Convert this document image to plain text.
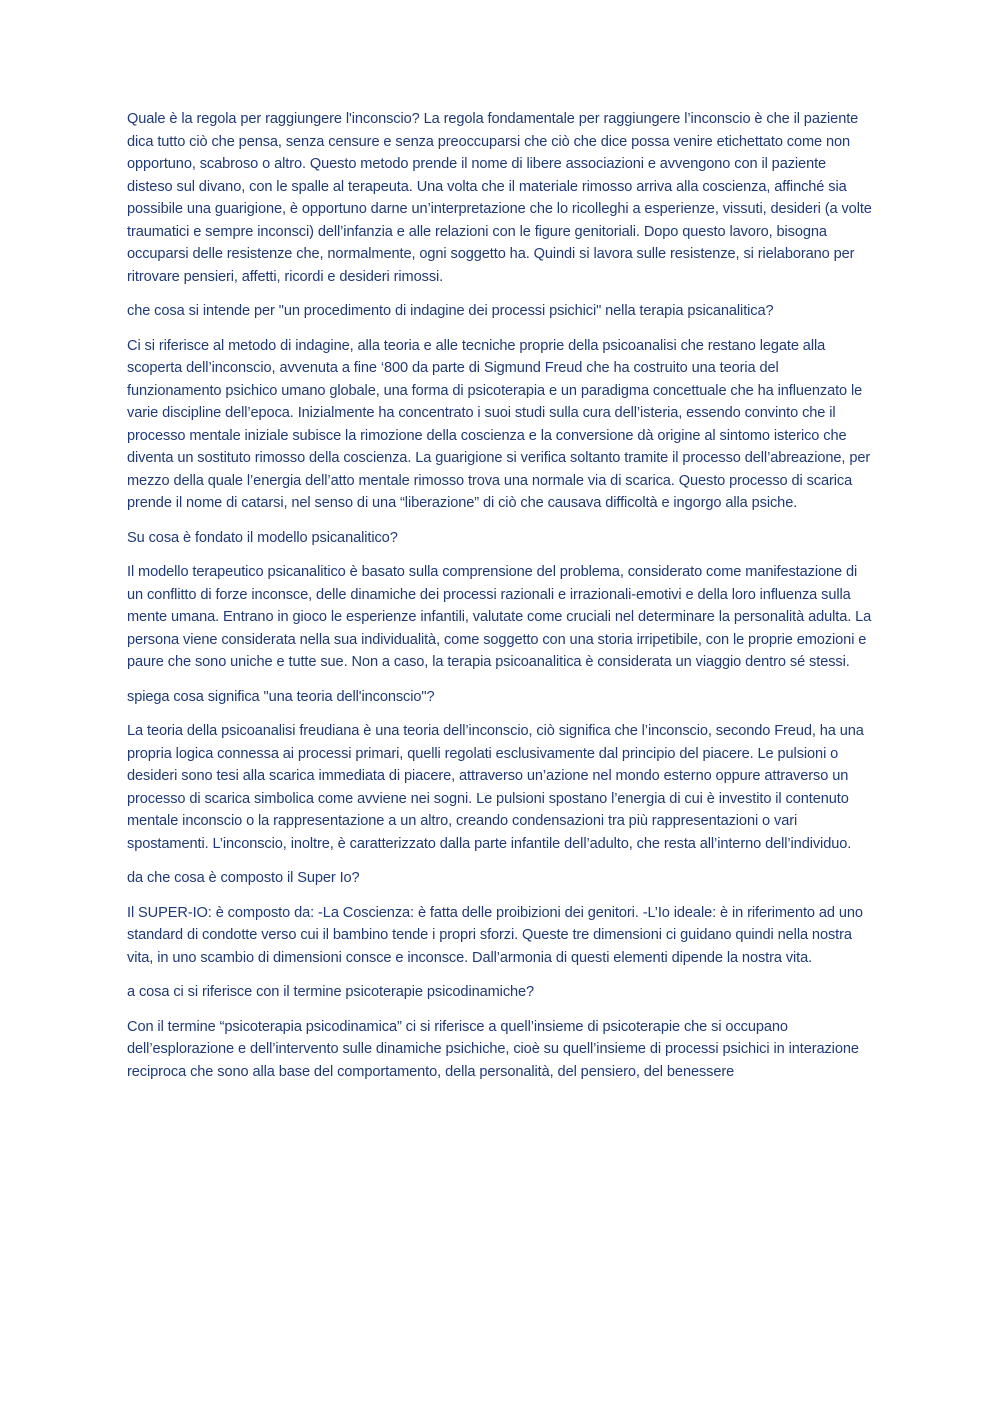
Quale è la regola per raggiungere l'inconscio? La regola fondamentale per raggiungere l’inconscio è che il paziente dica tutto ciò che pensa, senza censure e senza preoccuparsi che ciò che dice possa venire etichettato come non opportuno, scabroso o altro. Questo metodo prende il nome di libere associazioni e avvengono con il paziente disteso sul divano, con le spalle al terapeuta. Una volta che il materiale rimosso arriva alla coscienza, affinché sia possibile una guarigione, è opportuno darne un’interpretazione che lo ricolleghi a esperienze, vissuti, desideri (a volte traumatici e sempre inconsci) dell’infanzia e alle relazioni con le figure genitoriali. Dopo questo lavoro, bisogna occuparsi delle resistenze che, normalmente, ogni soggetto ha. Quindi si lavora sulle resistenze, si rielaborano per ritrovare pensieri, affetti, ricordi e desideri rimossi.

che cosa si intende per "un procedimento di indagine dei processi psichici" nella terapia psicanalitica?

Ci si riferisce al metodo di indagine, alla teoria e alle tecniche proprie della psicoanalisi che restano legate alla scoperta dell’inconscio, avvenuta a fine ‘800 da parte di Sigmund Freud che ha costruito una teoria del funzionamento psichico umano globale, una forma di psicoterapia e un paradigma concettuale che ha influenzato le varie discipline dell’epoca. Inizialmente ha concentrato i suoi studi sulla cura dell’isteria, essendo convinto che il processo mentale iniziale subisce la rimozione della coscienza e la conversione dà origine al sintomo isterico che diventa un sostituto rimosso della coscienza. La guarigione si verifica soltanto tramite il processo dell’abreazione, per mezzo della quale l’energia dell’atto mentale rimosso trova una normale via di scarica. Questo processo di scarica prende il nome di catarsi, nel senso di una “liberazione” di ciò che causava difficoltà e ingorgo alla psiche.

Su cosa è fondato il modello psicanalitico?

Il modello terapeutico psicanalitico è basato sulla comprensione del problema, considerato come manifestazione di un conflitto di forze inconsce, delle dinamiche dei processi razionali e irrazionali-emotivi e della loro influenza sulla mente umana. Entrano in gioco le esperienze infantili, valutate come cruciali nel determinare la personalità adulta. La persona viene considerata nella sua individualità, come soggetto con una storia irripetibile, con le proprie emozioni e paure che sono uniche e tutte sue. Non a caso, la terapia psicoanalitica è considerata un viaggio dentro sé stessi.

spiega cosa significa "una teoria dell'inconscio"?

La teoria della psicoanalisi freudiana è una teoria dell’inconscio, ciò significa che l’inconscio, secondo Freud, ha una propria logica connessa ai processi primari, quelli regolati esclusivamente dal principio del piacere. Le pulsioni o desideri sono tesi alla scarica immediata di piacere, attraverso un’azione nel mondo esterno oppure attraverso un processo di scarica simbolica come avviene nei sogni. Le pulsioni spostano l’energia di cui è investito il contenuto mentale inconscio o la rappresentazione a un altro, creando condensazioni tra più rappresentazioni o vari spostamenti. L’inconscio, inoltre, è caratterizzato dalla parte infantile dell’adulto, che resta all’interno dell’individuo.

da che cosa è composto il Super Io?

Il SUPER-IO: è composto da: -La Coscienza: è fatta delle proibizioni dei genitori. -L’Io ideale: è in riferimento ad uno standard di condotte verso cui il bambino tende i propri sforzi. Queste tre dimensioni ci guidano quindi nella nostra vita, in uno scambio di dimensioni consce e inconsce. Dall’armonia di questi elementi dipende la nostra vita.

a cosa ci si riferisce con il termine psicoterapie psicodinamiche?

Con il termine “psicoterapia psicodinamica” ci si riferisce a quell’insieme di psicoterapie che si occupano dell’esplorazione e dell’intervento sulle dinamiche psichiche, cioè su quell’insieme di processi psichici in interazione reciproca che sono alla base del comportamento, della personalità, del pensiero, del benessere
